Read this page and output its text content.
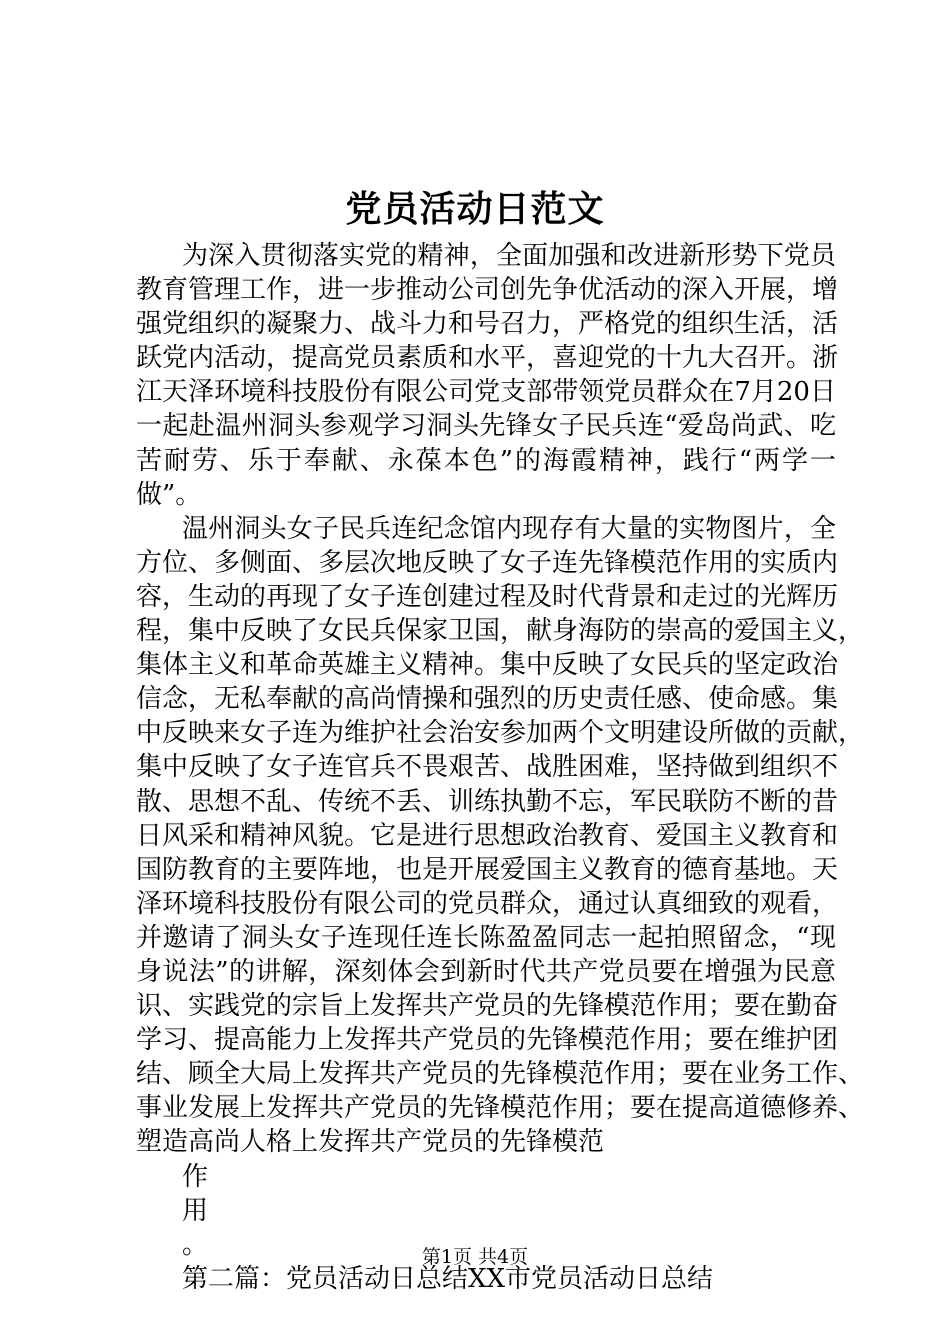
党员活动日范文
为深入贯彻落实党的精神，全面加强和改进新形势下党员
教育管理工作，进一步推动公司创先争优活动的深入开展，增
强党组织的凝聚力、战斗力和号召力，严格党的组织生活，活
跃党内活动，提高党员素质和水平，喜迎党的十九大召开。浙
江天泽环境科技股份有限公司党支部带领党员群众在7月20日
一起赴温州洞头参观学习洞头先锋女子民兵连“爱岛尚武、吃
苦耐劳、乐于奉献、永葆本色”的海霞精神，践行“两学一
做”。
温州洞头女子民兵连纪念馆内现存有大量的实物图片，全
方位、多侧面、多层次地反映了女子连先锋模范作用的实质内
容，生动的再现了女子连创建过程及时代背景和走过的光辉历
程，集中反映了女民兵保家卫国，献身海防的崇高的爱国主义，
集体主义和革命英雄主义精神。集中反映了女民兵的坚定政治
信念，无私奉献的高尚情操和强烈的历史责任感、使命感。集
中反映来女子连为维护社会治安参加两个文明建设所做的贡献，
集中反映了女子连官兵不畏艰苦、战胜困难，坚持做到组织不
散、思想不乱、传统不丢、训练执勤不忘，军民联防不断的昔
日风采和精神风貌。它是进行思想政治教育、爱国主义教育和
国防教育的主要阵地，也是开展爱国主义教育的德育基地。天
泽环境科技股份有限公司的党员群众，通过认真细致的观看，
并邀请了洞头女子连现任连长陈盈盈同志一起拍照留念，“现
身说法”的讲解，深刻体会到新时代共产党员要在增强为民意
识、实践党的宗旨上发挥共产党员的先锋模范作用；要在勤奋
学习、提高能力上发挥共产党员的先锋模范作用；要在维护团
结、顾全大局上发挥共产党员的先锋模范作用；要在业务工作、
事业发展上发挥共产党员的先锋模范作用；要在提高道德修养、
塑造高尚人格上发挥共产党员的先锋模范
作
用
。
第二篇：党员活动日总结XX市党员活动日总结
第1页 共4页
